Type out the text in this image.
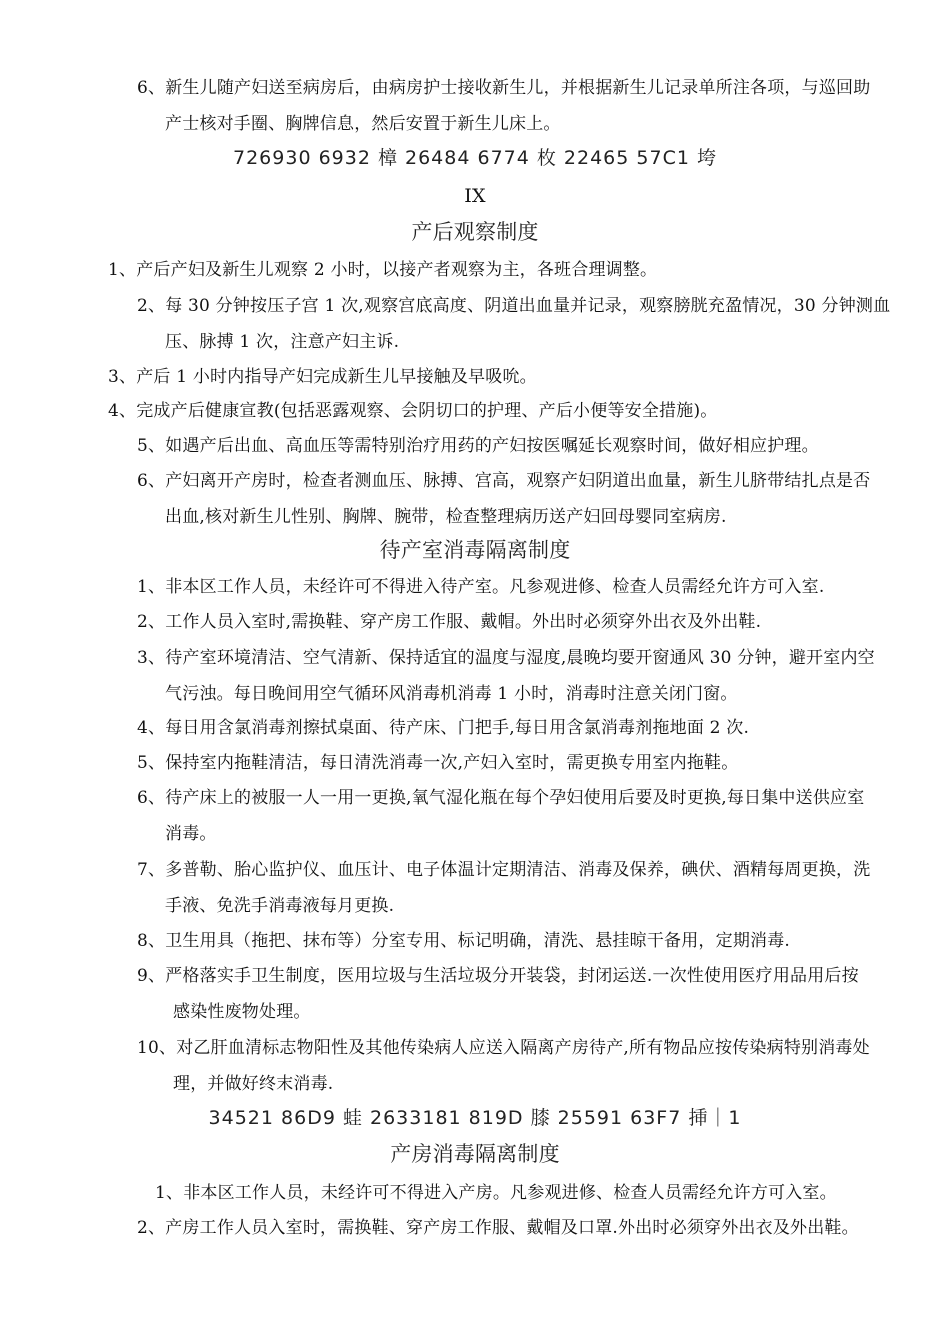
6、新生儿随产妇送至病房后，由病房护士接收新生儿，并根据新生儿记录单所注各项，与巡回助
产士核对手圈、胸牌信息，然后安置于新生儿床上。
726930 6932 樟 26484 6774 枚 22465 57C1 垮
IX
产后观察制度
1、产后产妇及新生儿观察 2 小时，以接产者观察为主，各班合理调整。
2、每 30 分钟按压子宫 1 次,观察宫底高度、阴道出血量并记录，观察膀胱充盈情况，30 分钟测血
压、脉搏 1 次，注意产妇主诉.
3、产后 1 小时内指导产妇完成新生儿早接触及早吸吮。
4、完成产后健康宣教(包括恶露观察、会阴切口的护理、产后小便等安全措施)。
5、如遇产后出血、高血压等需特别治疗用药的产妇按医嘱延长观察时间，做好相应护理。
6、产妇离开产房时，检查者测血压、脉搏、宫高，观察产妇阴道出血量，新生儿脐带结扎点是否
出血,核对新生儿性别、胸牌、腕带，检查整理病历送产妇回母婴同室病房.
待产室消毒隔离制度
1、非本区工作人员，未经许可不得进入待产室。凡参观进修、检查人员需经允许方可入室.
2、工作人员入室时,需换鞋、穿产房工作服、戴帽。外出时必须穿外出衣及外出鞋.
3、待产室环境清洁、空气清新、保持适宜的温度与湿度,晨晚均要开窗通风 30 分钟，避开室内空
气污浊。每日晚间用空气循环风消毒机消毒 1 小时，消毒时注意关闭门窗。
4、每日用含氯消毒剂擦拭桌面、待产床、门把手,每日用含氯消毒剂拖地面 2 次.
5、保持室内拖鞋清洁，每日清洗消毒一次,产妇入室时，需更换专用室内拖鞋。
6、待产床上的被服一人一用一更换,氧气湿化瓶在每个孕妇使用后要及时更换,每日集中送供应室
消毒。
7、多普勒、胎心监护仪、血压计、电子体温计定期清洁、消毒及保养，碘伏、酒精每周更换，洗
手液、免洗手消毒液每月更换.
8、卫生用具（拖把、抹布等）分室专用、标记明确，清洗、悬挂晾干备用，定期消毒.
9、严格落实手卫生制度，医用垃圾与生活垃圾分开装袋，封闭运送.一次性使用医疗用品用后按
感染性废物处理。
10、对乙肝血清标志物阳性及其他传染病人应送入隔离产房待产,所有物品应按传染病特别消毒处
理，并做好终末消毒.
34521 86D9 蛙 2633181 819D 膝 25591 63F7 挿｜1
产房消毒隔离制度
1、非本区工作人员，未经许可不得进入产房。凡参观进修、检查人员需经允许方可入室。
2、产房工作人员入室时，需换鞋、穿产房工作服、戴帽及口罩.外出时必须穿外出衣及外出鞋。
